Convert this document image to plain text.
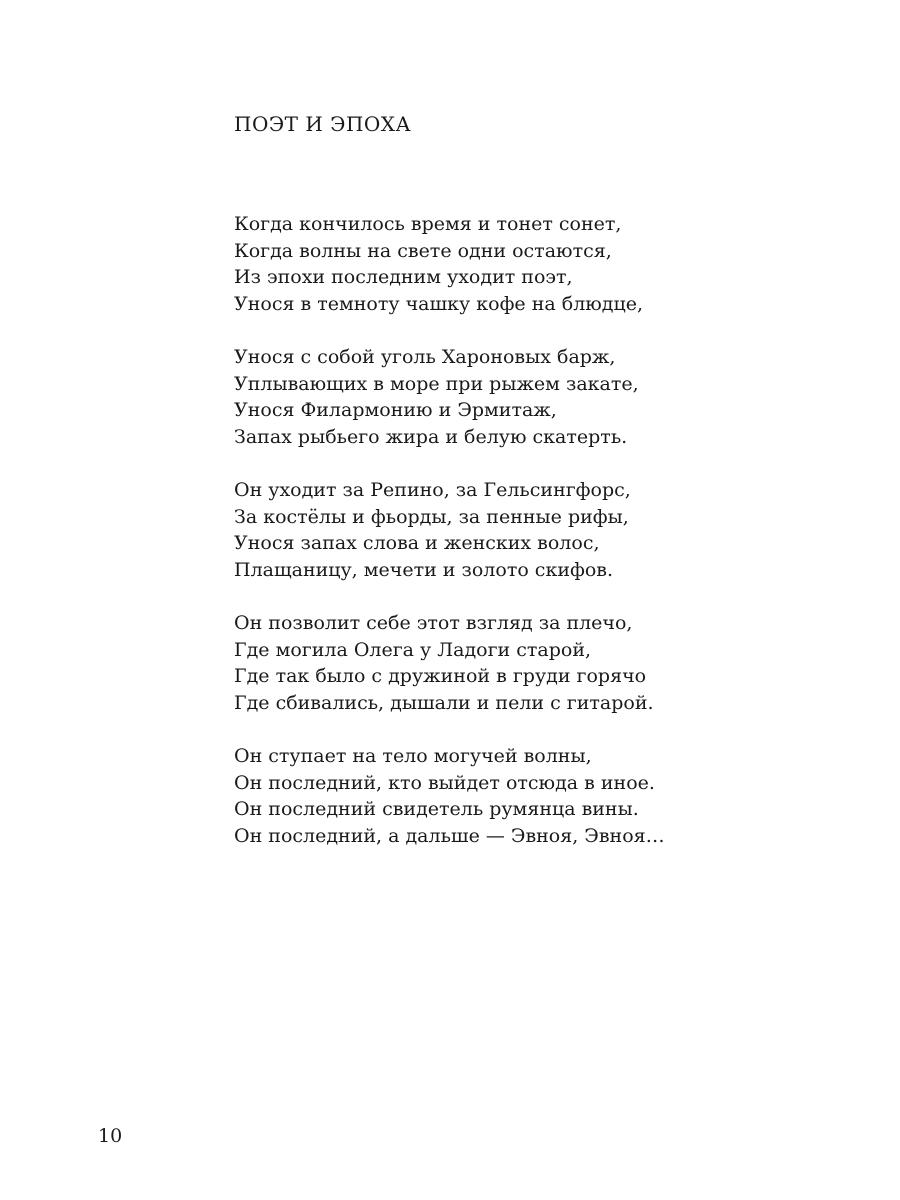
ПОЭТ И ЭПОХА
Когда кончилось время и тонет сонет,
Когда волны на свете одни остаются,
Из эпохи последним уходит поэт,
Унося в темноту чашку кофе на блюдце,
Унося с собой уголь Хароновых барж,
Уплывающих в море при рыжем закате,
Унося Филармонию и Эрмитаж,
Запах рыбьего жира и белую скатерть.
Он уходит за Репино, за Гельсингфорс,
За костёлы и фьорды, за пенные рифы,
Унося запах слова и женских волос,
Плащаницу, мечети и золото скифов.
Он позволит себе этот взгляд за плечо,
Где могила Олега у Ладоги старой,
Где так было с дружиной в груди горячо
Где сбивались, дышали и пели с гитарой.
Он ступает на тело могучей волны,
Он последний, кто выйдет отсюда в иное.
Он последний свидетель румянца вины.
Он последний, а дальше — Эвноя, Эвноя…
10
